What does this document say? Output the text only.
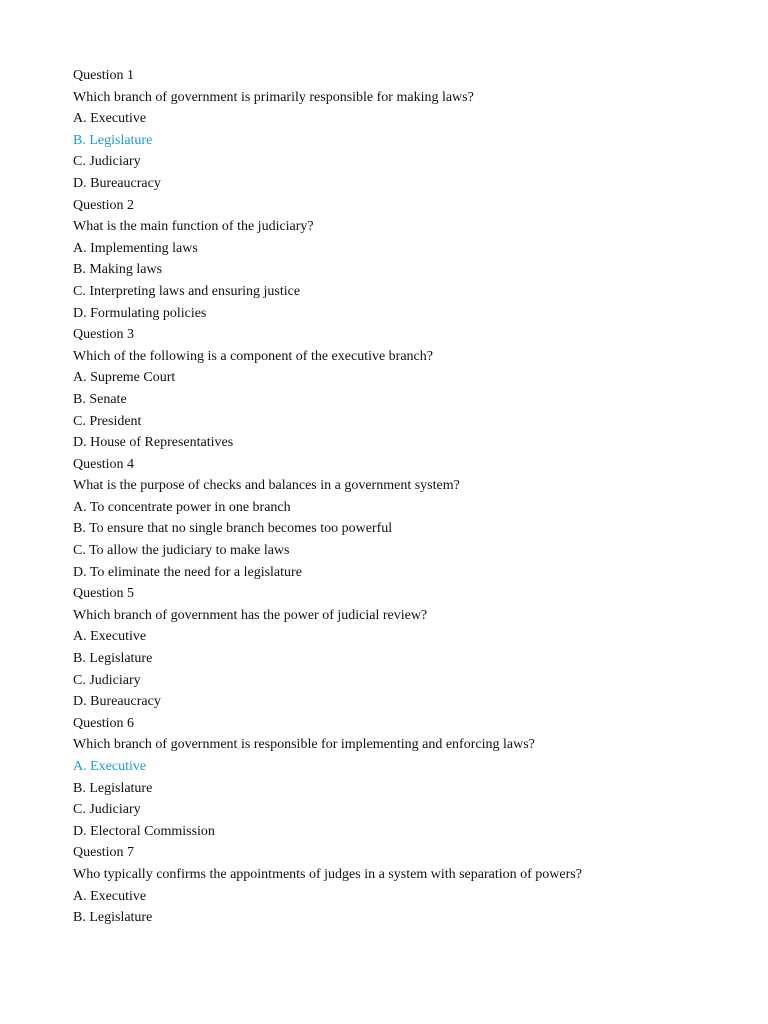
Question 1
Which branch of government is primarily responsible for making laws?
A. Executive
B. Legislature
C. Judiciary
D. Bureaucracy
Question 2
What is the main function of the judiciary?
A. Implementing laws
B. Making laws
C. Interpreting laws and ensuring justice
D. Formulating policies
Question 3
Which of the following is a component of the executive branch?
A. Supreme Court
B. Senate
C. President
D. House of Representatives
Question 4
What is the purpose of checks and balances in a government system?
A. To concentrate power in one branch
B. To ensure that no single branch becomes too powerful
C. To allow the judiciary to make laws
D. To eliminate the need for a legislature
Question 5
Which branch of government has the power of judicial review?
A. Executive
B. Legislature
C. Judiciary
D. Bureaucracy
Question 6
Which branch of government is responsible for implementing and enforcing laws?
A. Executive
B. Legislature
C. Judiciary
D. Electoral Commission
Question 7
Who typically confirms the appointments of judges in a system with separation of powers?
A. Executive
B. Legislature
